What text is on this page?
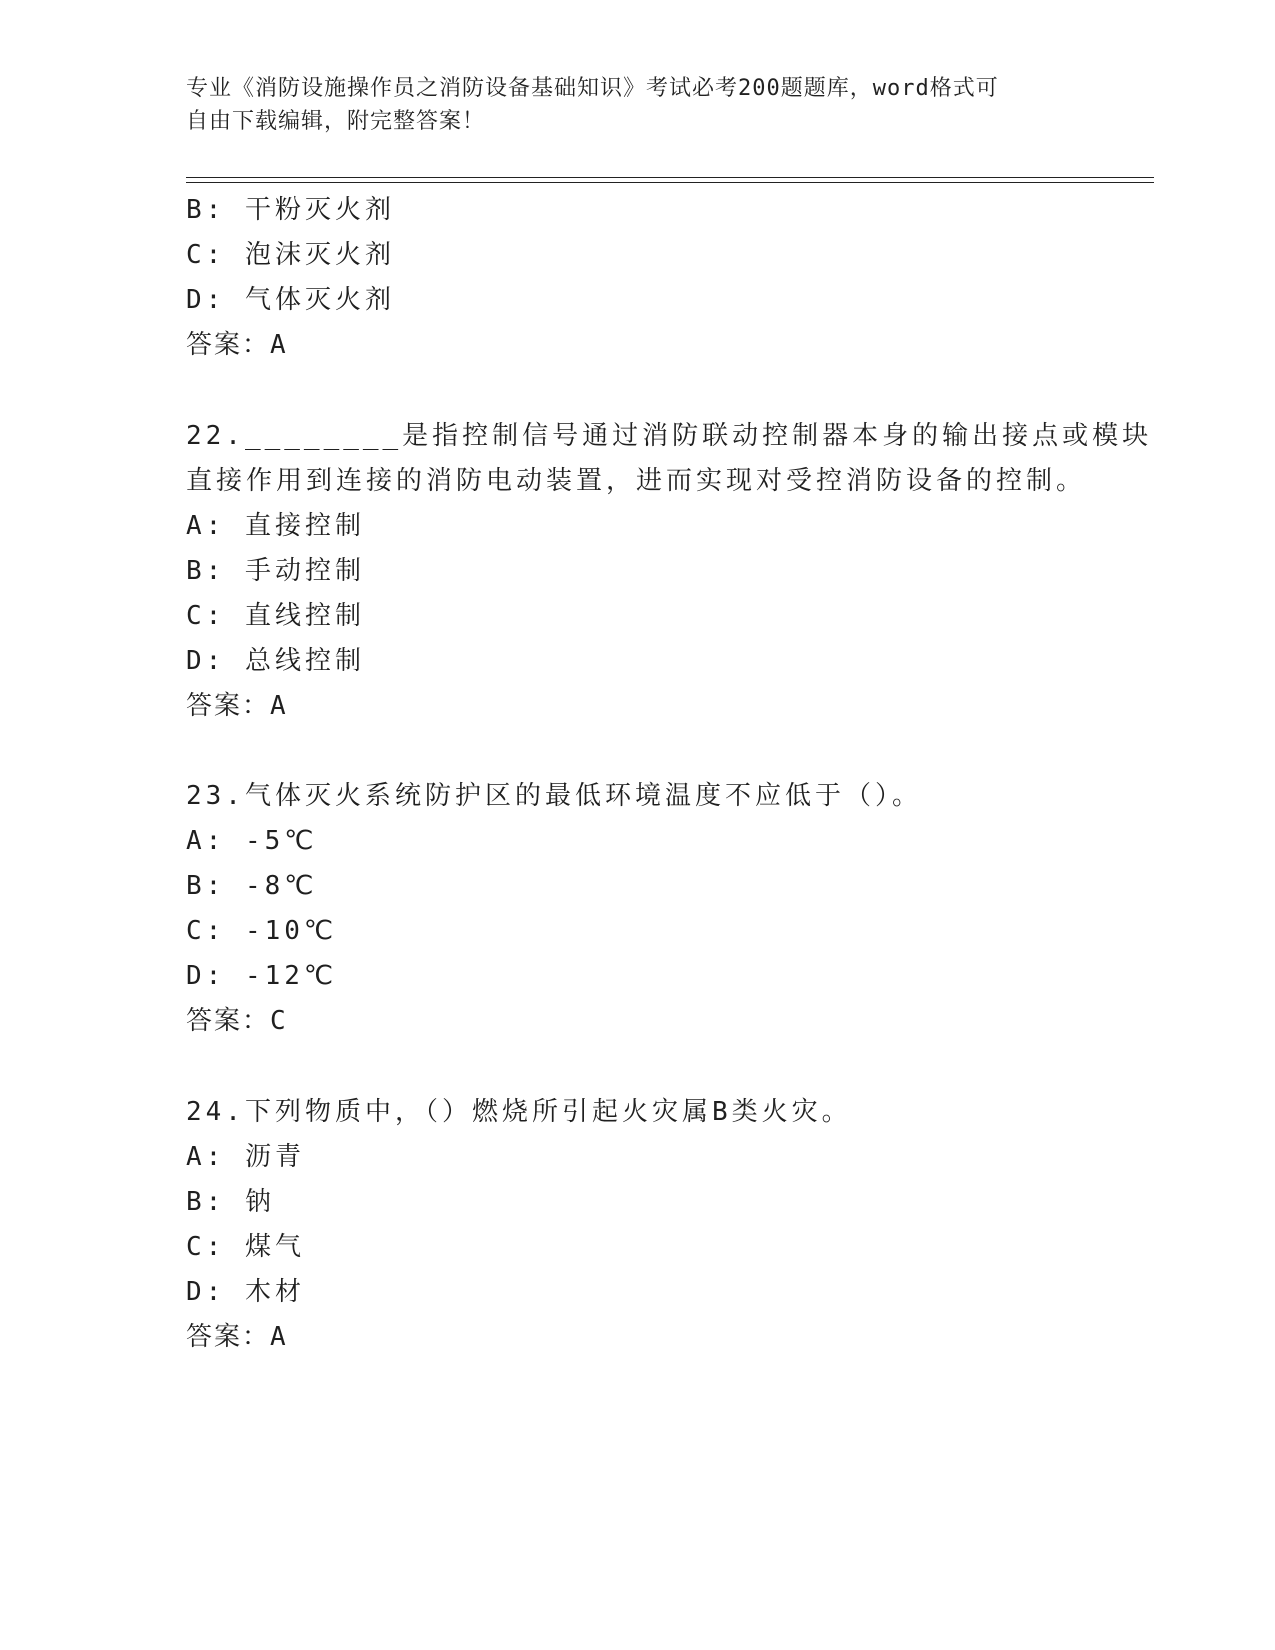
专业《消防设施操作员之消防设备基础知识》考试必考200题题库，word格式可
自由下载编辑，附完整答案！
B: 干粉灭火剂
C: 泡沫灭火剂
D: 气体灭火剂
答案：A
22.________是指控制信号通过消防联动控制器本身的输出接点或模块
直接作用到连接的消防电动装置，进而实现对受控消防设备的控制。
A: 直接控制
B: 手动控制
C: 直线控制
D: 总线控制
答案：A
23.气体灭火系统防护区的最低环境温度不应低于（）。
A: -5℃
B: -8℃
C: -10℃
D: -12℃
答案：C
24.下列物质中，（）燃烧所引起火灾属B类火灾。
A: 沥青
B: 钠
C: 煤气
D: 木材
答案：A
